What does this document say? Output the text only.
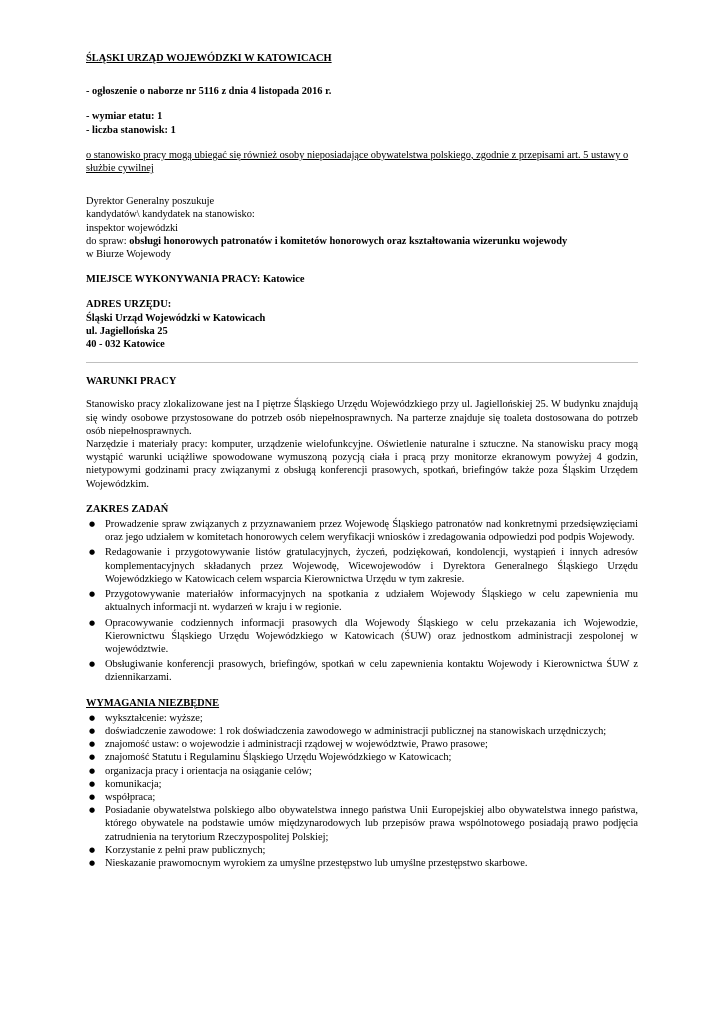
ŚLĄSKI URZĄD WOJEWÓDZKI W KATOWICACH

- ogłoszenie o naborze nr 5116 z dnia 4 listopada 2016 r.

- wymiar etatu: 1

- liczba stanowisk: 1

o stanowisko pracy mogą ubiegać się również osoby nieposiadające obywatelstwa polskiego, zgodnie z przepisami art. 5 ustawy o służbie cywilnej

Dyrektor Generalny poszukuje

kandydatów\ kandydatek na stanowisko:

inspektor wojewódzki

do spraw: obsługi honorowych patronatów i komitetów honorowych oraz kształtowania wizerunku wojewody

w Biurze Wojewody

MIEJSCE WYKONYWANIA PRACY: Katowice

ADRES URZĘDU:

Śląski Urząd Wojewódzki w Katowicach

ul. Jagiellońska 25

40 - 032 Katowice

WARUNKI PRACY

Stanowisko pracy zlokalizowane jest na I piętrze Śląskiego Urzędu Wojewódzkiego przy ul. Jagiellońskiej 25. W budynku znajdują się windy osobowe przystosowane do potrzeb osób niepełnosprawnych. Na parterze znajduje się toaleta dostosowana do potrzeb osób niepełnosprawnych.

Narzędzie i materiały pracy: komputer, urządzenie wielofunkcyjne. Oświetlenie naturalne i sztuczne. Na stanowisku pracy mogą wystąpić warunki uciążliwe spowodowane wymuszoną pozycją ciała i pracą przy monitorze ekranowym powyżej 4 godzin, nietypowymi godzinami pracy związanymi z obsługą konferencji prasowych, spotkań, briefingów także poza Śląskim Urzędem Wojewódzkim.

ZAKRES ZADAŃ

● Prowadzenie spraw związanych z przyznawaniem przez Wojewodę Śląskiego patronatów nad konkretnymi przedsięwzięciami oraz jego udziałem w komitetach honorowych celem weryfikacji wniosków i zredagowania odpowiedzi pod podpis Wojewody.
● Redagowanie i przygotowywanie listów gratulacyjnych, życzeń, podziękowań, kondolencji, wystąpień i innych adresów komplementacyjnych składanych przez Wojewodę, Wicewojewodów i Dyrektora Generalnego Śląskiego Urzędu Wojewódzkiego w Katowicach celem wsparcia Kierownictwa Urzędu w tym zakresie.
● Przygotowywanie materiałów informacyjnych na spotkania z udziałem Wojewody Śląskiego w celu zapewnienia mu aktualnych informacji nt. wydarzeń w kraju i w regionie.
● Opracowywanie codziennych informacji prasowych dla Wojewody Śląskiego w celu przekazania ich Wojewodzie, Kierownictwu Śląskiego Urzędu Wojewódzkiego w Katowicach (ŚUW) oraz jednostkom administracji zespolonej w województwie.
● Obsługiwanie konferencji prasowych, briefingów, spotkań w celu zapewnienia kontaktu Wojewody i Kierownictwa ŚUW z dziennikarzami.

WYMAGANIA NIEZBĘDNE

● wykształcenie: wyższe;
● doświadczenie zawodowe: 1 rok doświadczenia zawodowego w administracji publicznej na stanowiskach urzędniczych;
● znajomość ustaw: o wojewodzie i administracji rządowej w województwie, Prawo prasowe;
● znajomość Statutu i Regulaminu Śląskiego Urzędu Wojewódzkiego w Katowicach;
● organizacja pracy i orientacja na osiąganie celów;
● komunikacja;
● współpraca;
● Posiadanie obywatelstwa polskiego albo obywatelstwa innego państwa Unii Europejskiej albo obywatelstwa innego państwa, którego obywatele na podstawie umów międzynarodowych lub przepisów prawa wspólnotowego posiadają prawo podjęcia zatrudnienia na terytorium Rzeczypospolitej Polskiej;
● Korzystanie z pełni praw publicznych;
● Nieskazanie prawomocnym wyrokiem za umyślne przestępstwo lub umyślne przestępstwo skarbowe.
